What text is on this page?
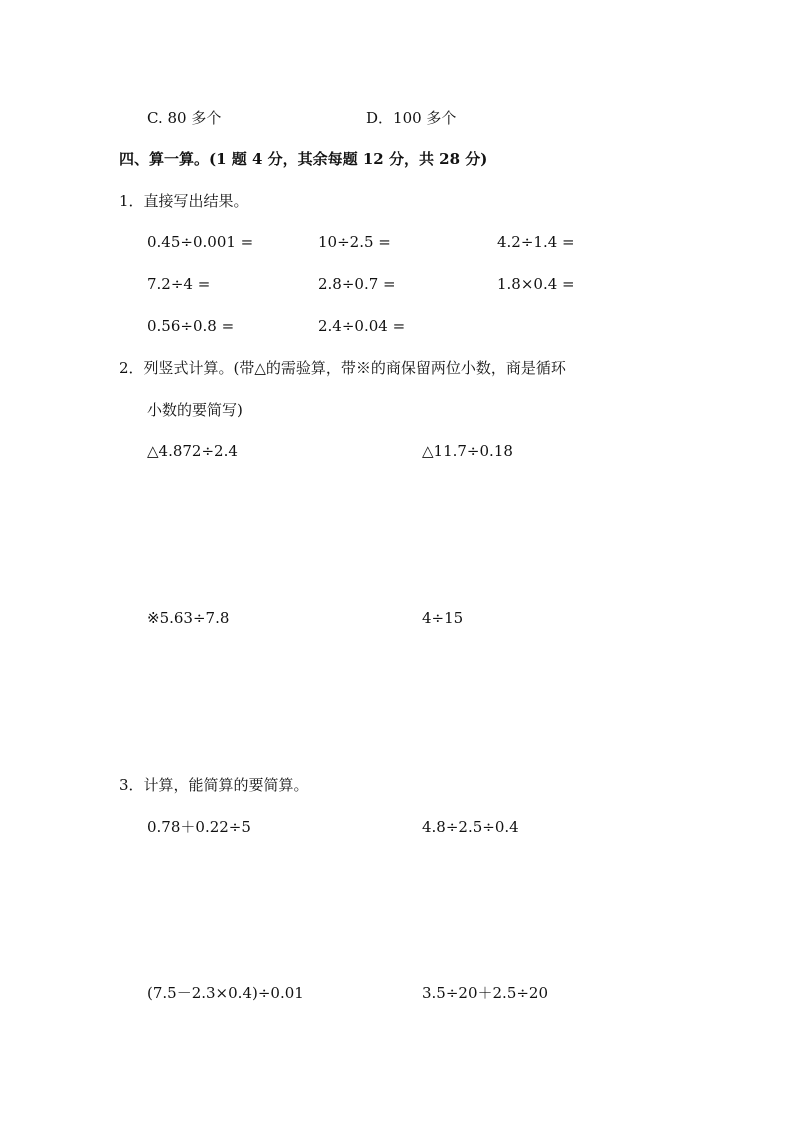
C. 80 多个	D．100 多个
四、算一算。(1 题 4 分，其余每题 12 分，共 28 分)
1．直接写出结果。
0.45÷0.001 =	10÷2.5 =	4.2÷1.4 =
7.2÷4 =	2.8÷0.7 =	1.8×0.4 =
0.56÷0.8 =	2.4÷0.04 =
2．列竖式计算。(带△的需验算，带※的商保留两位小数，商是循环
小数的要简写)
△4.872÷2.4	△11.7÷0.18
※5.63÷7.8	4÷15
3．计算，能简算的要简算。
0.78＋0.22÷5	4.8÷2.5÷0.4
(7.5－2.3×0.4)÷0.01	3.5÷20＋2.5÷20
